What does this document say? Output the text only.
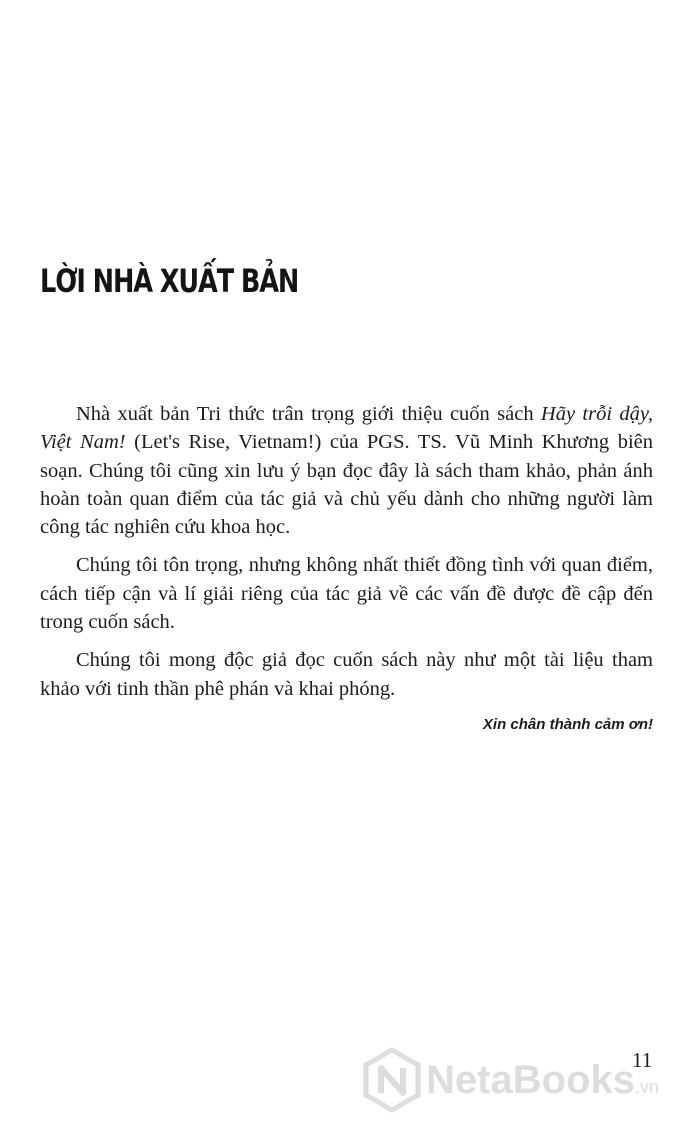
LỜI NHÀ XUẤT BẢN

Nhà xuất bản Tri thức trân trọng giới thiệu cuốn sách Hãy trỗi dậy, Việt Nam! (Let's Rise, Vietnam!) của PGS. TS. Vũ Minh Khương biên soạn. Chúng tôi cũng xin lưu ý bạn đọc đây là sách tham khảo, phản ánh hoàn toàn quan điểm của tác giả và chủ yếu dành cho những người làm công tác nghiên cứu khoa học.

Chúng tôi tôn trọng, nhưng không nhất thiết đồng tình với quan điểm, cách tiếp cận và lí giải riêng của tác giả về các vấn đề được đề cập đến trong cuốn sách.

Chúng tôi mong độc giả đọc cuốn sách này như một tài liệu tham khảo với tinh thần phê phán và khai phóng.

Xin chân thành cảm ơn!

NetaBooks.vn

11
